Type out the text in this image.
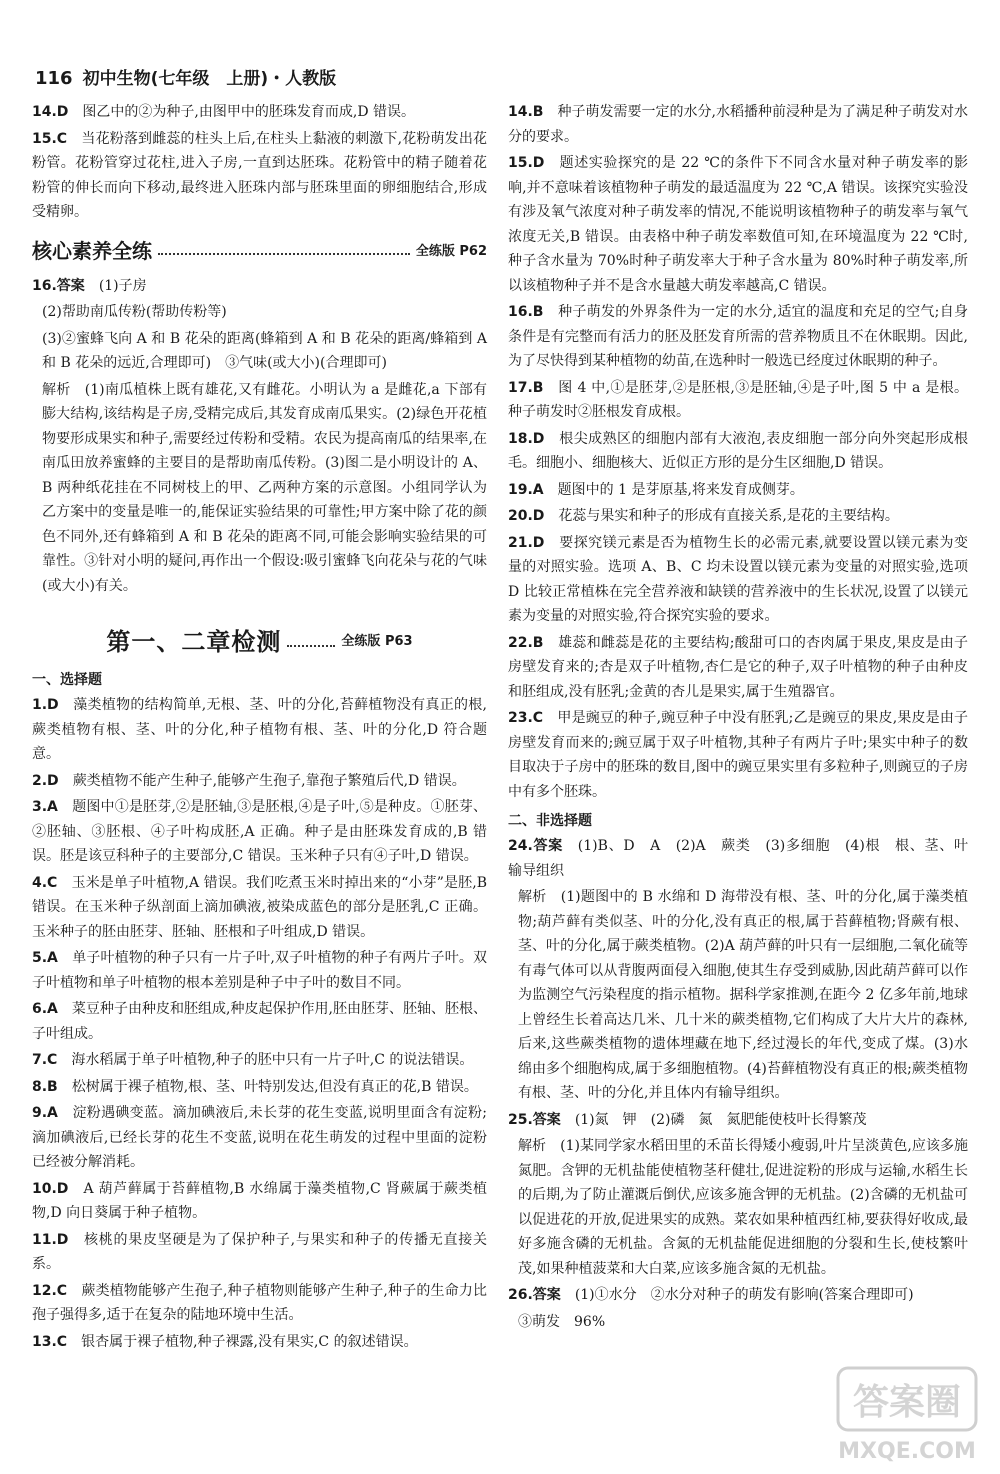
116 初中生物(七年级　上册)・人教版

14.D　 图乙中的②为种子,由图甲中的胚珠发育而成,D 错误。

15.C　 当花粉落到雌蕊的柱头上后,在柱头上黏液的刺激下,花粉萌发出花粉管。花粉管穿过花柱,进入子房,一直到达胚珠。花粉管中的精子随着花粉管的伸长而向下移动,最终进入胚珠内部与胚珠里面的卵细胞结合,形成受精卵。

核心素养全练	全练版 P62

16.答案　 (1)子房

(2)帮助南瓜传粉(帮助传粉等)

(3)②蜜蜂飞向 A 和 B 花朵的距离(蜂箱到 A 和 B 花朵的距离/蜂箱到 A 和 B 花朵的远近,合理即可)　③气味(或大小)(合理即可)

解析　 (1)南瓜植株上既有雄花,又有雌花。小明认为 a 是雌花,a 下部有膨大结构,该结构是子房,受精完成后,其发育成南瓜果实。(2)绿色开花植物要形成果实和种子,需要经过传粉和受精。农民为提高南瓜的结果率,在南瓜田放养蜜蜂的主要目的是帮助南瓜传粉。(3)图二是小明设计的 A、B 两种纸花挂在不同树枝上的甲、乙两种方案的示意图。小组同学认为乙方案中的变量是唯一的,能保证实验结果的可靠性;甲方案中除了花的颜色不同外,还有蜂箱到 A 和 B 花朵的距离不同,可能会影响实验结果的可靠性。③针对小明的疑问,再作出一个假设:吸引蜜蜂飞向花朵与花的气味(或大小)有关。

第一、二章检测	全练版 P63
一、选择题

1.D　 藻类植物的结构简单,无根、茎、叶的分化,苔藓植物没有真正的根,蕨类植物有根、茎、叶的分化,种子植物有根、茎、叶的分化,D 符合题意。

2.D　 蕨类植物不能产生种子,能够产生孢子,靠孢子繁殖后代,D 错误。

3.A　 题图中①是胚芽,②是胚轴,③是胚根,④是子叶,⑤是种皮。①胚芽、②胚轴、③胚根、④子叶构成胚,A 正确。种子是由胚珠发育成的,B 错误。胚是该豆科种子的主要部分,C 错误。玉米种子只有④子叶,D 错误。

4.C　 玉米是单子叶植物,A 错误。我们吃煮玉米时掉出来的“小芽”是胚,B 错误。在玉米种子纵剖面上滴加碘液,被染成蓝色的部分是胚乳,C 正确。玉米种子的胚由胚芽、胚轴、胚根和子叶组成,D 错误。

5.A　 单子叶植物的种子只有一片子叶,双子叶植物的种子有两片子叶。双子叶植物和单子叶植物的根本差别是种子中子叶的数目不同。

6.A　 菜豆种子由种皮和胚组成,种皮起保护作用,胚由胚芽、胚轴、胚根、子叶组成。

7.C　 海水稻属于单子叶植物,种子的胚中只有一片子叶,C 的说法错误。

8.B　 松树属于裸子植物,根、茎、叶特别发达,但没有真正的花,B 错误。

9.A　 淀粉遇碘变蓝。滴加碘液后,未长芽的花生变蓝,说明里面含有淀粉;滴加碘液后,已经长芽的花生不变蓝,说明在花生萌发的过程中里面的淀粉已经被分解消耗。

10.D　 A 葫芦藓属于苔藓植物,B 水绵属于藻类植物,C 肾蕨属于蕨类植物,D 向日葵属于种子植物。

11.D　 核桃的果皮坚硬是为了保护种子,与果实和种子的传播无直接关系。

12.C　 蕨类植物能够产生孢子,种子植物则能够产生种子,种子的生命力比孢子强得多,适于在复杂的陆地环境中生活。

13.C　 银杏属于裸子植物,种子裸露,没有果实,C 的叙述错误。

14.B　 种子萌发需要一定的水分,水稻播种前浸种是为了满足种子萌发对水分的要求。

15.D　 题述实验探究的是 22 ℃的条件下不同含水量对种子萌发率的影响,并不意味着该植物种子萌发的最适温度为 22 ℃,A 错误。该探究实验没有涉及氧气浓度对种子萌发率的情况,不能说明该植物种子的萌发率与氧气浓度无关,B 错误。由表格中种子萌发率数值可知,在环境温度为 22 ℃时,种子含水量为 70%时种子萌发率大于种子含水量为 80%时种子萌发率,所以该植物种子并不是含水量越大萌发率越高,C 错误。

16.B　 种子萌发的外界条件为一定的水分,适宜的温度和充足的空气;自身条件是有完整而有活力的胚及胚发育所需的营养物质且不在休眠期。因此,为了尽快得到某种植物的幼苗,在选种时一般选已经度过休眠期的种子。

17.B　 图 4 中,①是胚芽,②是胚根,③是胚轴,④是子叶,图 5 中 a 是根。种子萌发时②胚根发育成根。

18.D　 根尖成熟区的细胞内部有大液泡,表皮细胞一部分向外突起形成根毛。细胞小、细胞核大、近似正方形的是分生区细胞,D 错误。

19.A　 题图中的 1 是芽原基,将来发育成侧芽。

20.D　 花蕊与果实和种子的形成有直接关系,是花的主要结构。

21.D　 要探究镁元素是否为植物生长的必需元素,就要设置以镁元素为变量的对照实验。选项 A、B、C 均未设置以镁元素为变量的对照实验,选项 D 比较正常植株在完全营养液和缺镁的营养液中的生长状况,设置了以镁元素为变量的对照实验,符合探究实验的要求。

22.B　 雄蕊和雌蕊是花的主要结构;酸甜可口的杏肉属于果皮,果皮是由子房壁发育来的;杏是双子叶植物,杏仁是它的种子,双子叶植物的种子由种皮和胚组成,没有胚乳;金黄的杏儿是果实,属于生殖器官。

23.C　 甲是豌豆的种子,豌豆种子中没有胚乳;乙是豌豆的果皮,果皮是由子房壁发育而来的;豌豆属于双子叶植物,其种子有两片子叶;果实中种子的数目取决于子房中的胚珠的数目,图中的豌豆果实里有多粒种子,则豌豆的子房中有多个胚珠。

二、非选择题

24.答案　 (1)B、D　A　(2)A　蕨类　(3)多细胞　(4)根　根、茎、叶　输导组织

解析　 (1)题图中的 B 水绵和 D 海带没有根、茎、叶的分化,属于藻类植物;葫芦藓有类似茎、叶的分化,没有真正的根,属于苔藓植物;肾蕨有根、茎、叶的分化,属于蕨类植物。(2)A 葫芦藓的叶只有一层细胞,二氧化硫等有毒气体可以从背腹两面侵入细胞,使其生存受到威胁,因此葫芦藓可以作为监测空气污染程度的指示植物。据科学家推测,在距今 2 亿多年前,地球上曾经生长着高达几米、几十米的蕨类植物,它们构成了大片大片的森林,后来,这些蕨类植物的遗体埋藏在地下,经过漫长的年代,变成了煤。(3)水绵由多个细胞构成,属于多细胞植物。(4)苔藓植物没有真正的根;蕨类植物有根、茎、叶的分化,并且体内有输导组织。

25.答案　 (1)氮　钾　(2)磷　氮　氮肥能使枝叶长得繁茂

解析　 (1)某同学家水稻田里的禾苗长得矮小瘦弱,叶片呈淡黄色,应该多施氮肥。含钾的无机盐能使植物茎秆健壮,促进淀粉的形成与运输,水稻生长的后期,为了防止灌溉后倒伏,应该多施含钾的无机盐。(2)含磷的无机盐可以促进花的开放,促进果实的成熟。菜农如果种植西红柿,要获得好收成,最好多施含磷的无机盐。含氮的无机盐能促进细胞的分裂和生长,使枝繁叶茂,如果种植菠菜和大白菜,应该多施含氮的无机盐。

26.答案　 (1)①水分　②水分对种子的萌发有影响(答案合理即可)

③萌发　96%

答案圈
MXQE.COM
